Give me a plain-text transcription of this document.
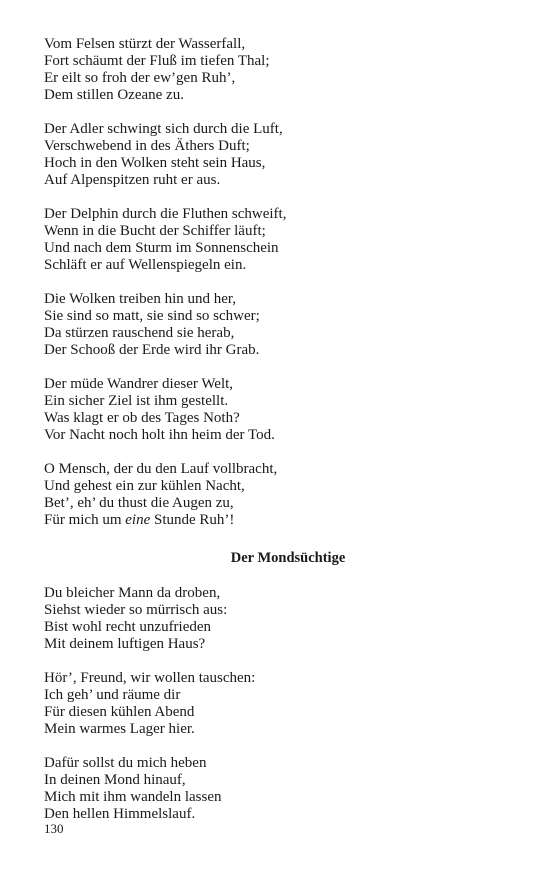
Vom Felsen stürzt der Wasserfall,
Fort schäumt der Fluß im tiefen Thal;
Er eilt so froh der ew’gen Ruh’,
Dem stillen Ozeane zu.
Der Adler schwingt sich durch die Luft,
Verschwebend in des Äthers Duft;
Hoch in den Wolken steht sein Haus,
Auf Alpenspitzen ruht er aus.
Der Delphin durch die Fluthen schweift,
Wenn in die Bucht der Schiffer läuft;
Und nach dem Sturm im Sonnenschein
Schläft er auf Wellenspiegeln ein.
Die Wolken treiben hin und her,
Sie sind so matt, sie sind so schwer;
Da stürzen rauschend sie herab,
Der Schooß der Erde wird ihr Grab.
Der müde Wandrer dieser Welt,
Ein sicher Ziel ist ihm gestellt.
Was klagt er ob des Tages Noth?
Vor Nacht noch holt ihn heim der Tod.
O Mensch, der du den Lauf vollbracht,
Und gehest ein zur kühlen Nacht,
Bet’, eh’ du thust die Augen zu,
Für mich um eine Stunde Ruh’!
Der Mondsüchtige
Du bleicher Mann da droben,
Siehst wieder so mürrisch aus:
Bist wohl recht unzufrieden
Mit deinem luftigen Haus?
Hör’, Freund, wir wollen tauschen:
Ich geh’ und räume dir
Für diesen kühlen Abend
Mein warmes Lager hier.
Dafür sollst du mich heben
In deinen Mond hinauf,
Mich mit ihm wandeln lassen
Den hellen Himmelslauf.
130
